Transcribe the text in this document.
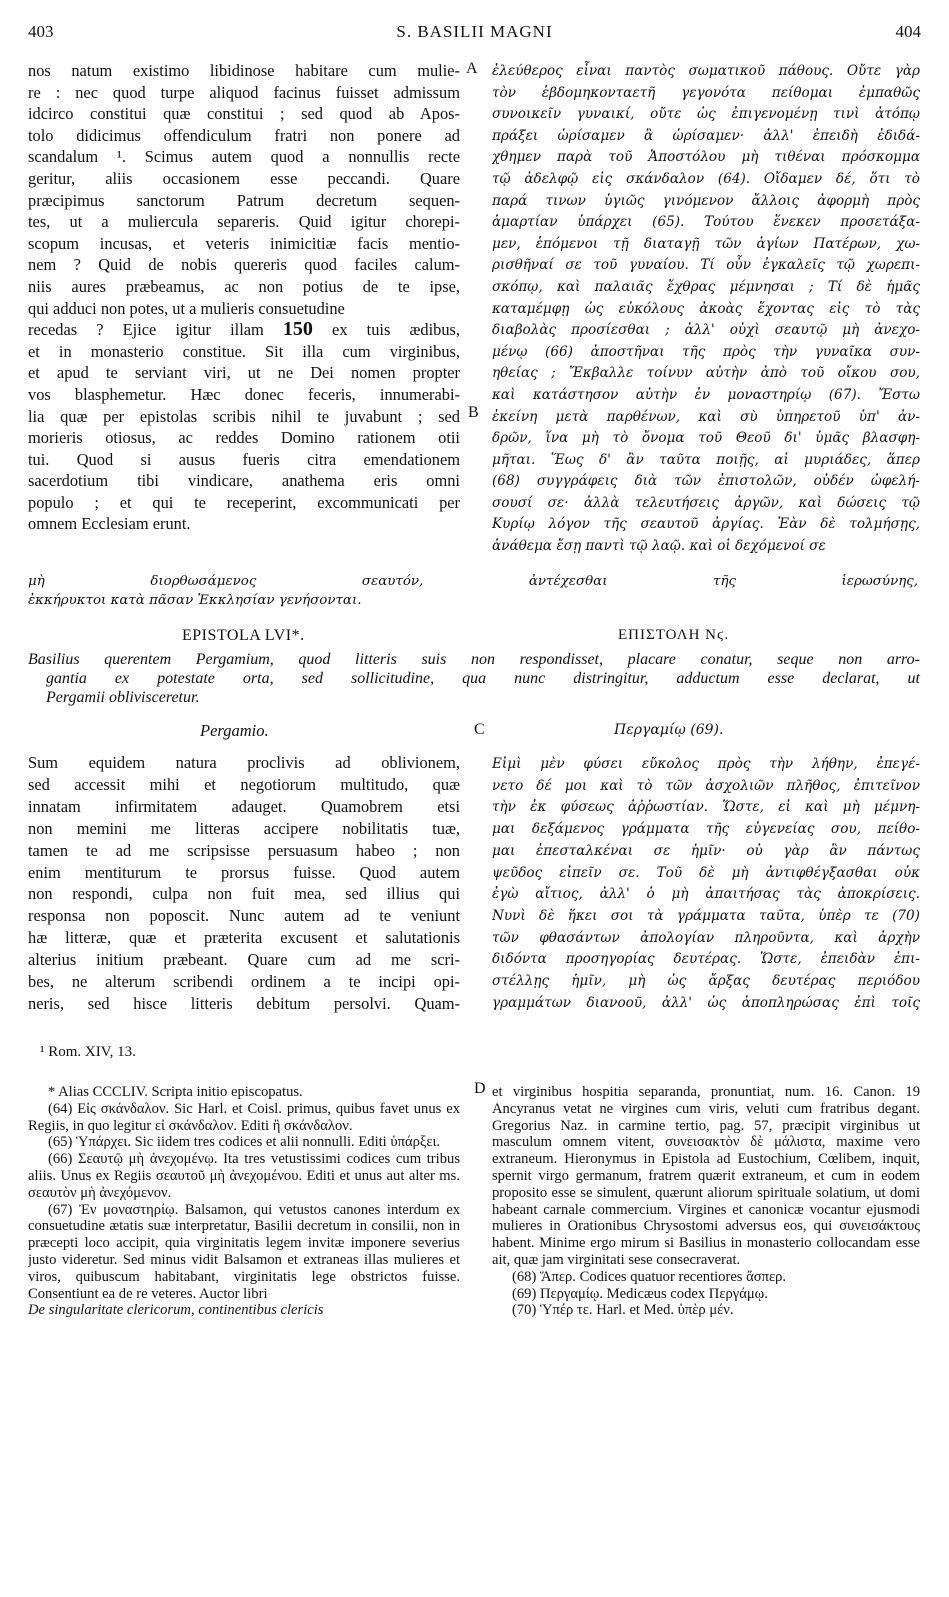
403	S. BASILII MAGNI	404
nos natum existimo libidinose habitare cum mulie-
re : nec quod turpe aliquod facinus fuisset admissum
idcirco constitui quæ constitui ; sed quod ab Apos-
tolo didicimus offendiculum fratri non ponere ad
scandalum ¹. Scimus autem quod a nonnullis recte
geritur, aliis occasionem esse peccandi. Quare
præcipimus sanctorum Patrum decretum sequen-
tes, ut a muliercula separeris. Quid igitur chorepi-
scopum incusas, et veteris inimicitiæ facis mentio-
nem ? Quid de nobis quereris quod faciles calum-
niis aures præbeamus, ac non potius de te ipse,
qui adduci non potes, ut a mulieris consuetudine
recedas ? Ejice igitur illam 150 ex tuis ædibus,
et in monasterio constitue. Sit illa cum virginibus,
et apud te serviant viri, ut ne Dei nomen propter
vos blasphemetur. Hæc donec feceris, innumerabi-
lia quæ per epistolas scribis nihil te juvabunt ; sed
morieris otiosus, ac reddes Domino rationem otii
tui. Quod si ausus fueris citra emendationem
sacerdotium tibi vindicare, anathema eris omni
populo ; et qui te receperint, excommunicati per
omnem Ecclesiam erunt.
ἐλεύθερος εἶναι παντὸς σωματικοῦ πάθους. Οὔτε γὰρ
τὸν ἑβδομηκονταετῆ γεγονότα πείθομαι ἐμπαθῶς
συνοικεῖν γυναικί, οὔτε ὡς ἐπιγενομένῃ τινὶ ἀτόπῳ
πράξει ὡρίσαμεν ἃ ὡρίσαμεν· ἀλλ' ἐπειδὴ ἐδιδά-
χθημεν παρὰ τοῦ Ἀποστόλου μὴ τιθέναι πρόσκομμα
τῷ ἀδελφῷ εἰς σκάνδαλον (64). Οἴδαμεν δέ, ὅτι τὸ
παρά τινων ὑγιῶς γινόμενον ἄλλοις ἀφορμὴ πρὸς
ἁμαρτίαν ὑπάρχει (65). Τούτου ἕνεκεν προσετάξα-
μεν, ἑπόμενοι τῇ διαταγῇ τῶν ἁγίων Πατέρων, χω-
ρισθῆναί σε τοῦ γυναίου. Τί οὖν ἐγκαλεῖς τῷ χωρεπι-
σκόπῳ, καὶ παλαιᾶς ἔχθρας μέμνησαι ; Τί δὲ ἡμᾶς
καταμέμφῃ ὡς εὐκόλους ἀκοὰς ἔχοντας εἰς τὸ τὰς
διαβολὰς προσίεσθαι ; ἀλλ' οὐχὶ σεαυτῷ μὴ ἀνεχο-
μένῳ (66) ἀποστῆναι τῆς πρὸς τὴν γυναῖκα συν-
ηθείας ; Ἔκβαλλε τοίνυν αὐτὴν ἀπὸ τοῦ οἴκου σου,
καὶ κατάστησον αὐτὴν ἐν μοναστηρίῳ (67). Ἔστω
ἐκείνη μετὰ παρθένων, καὶ σὺ ὑπηρετοῦ ὑπ' ἀν-
δρῶν, ἵνα μὴ τὸ ὄνομα τοῦ Θεοῦ δι' ὑμᾶς βλασφη-
μῆται. Ἕως δ' ἂν ταῦτα ποιῇς, αἱ μυριάδες, ἅπερ
(68) συγγράφεις διὰ τῶν ἐπιστολῶν, οὐδέν ὠφελή-
σουσί σε· ἀλλὰ τελευτήσεις ἀργῶν, καὶ δώσεις τῷ
Κυρίῳ λόγον τῆς σεαυτοῦ ἀργίας. Ἐὰν δὲ τολμήσῃς,
ἀνάθεμα ἔσῃ παντὶ τῷ λαῷ. καὶ οἱ δεχόμενοί σε
A
B
μὴ διορθωσάμενος σεαυτόν, ἀντέχεσθαι τῆς ἱερωσύνης,
ἐκκήρυκτοι κατὰ πᾶσαν Ἐκκλησίαν γενήσονται.
EPISTOLA LVI*.	ΕΠΙΣΤΟΛΗ Νϛ.
Basilius querentem Pergamium, quod litteris suis non respondisset, placare conatur, seque non arro-
gantia ex potestate orta, sed sollicitudine, qua nunc distringitur, adductum esse declarat, ut
Pergamii oblivisceretur.
Pergamio.	C	Περγαμίῳ (69).
Sum equidem natura proclivis ad oblivionem,
sed accessit mihi et negotiorum multitudo, quæ
innatam infirmitatem adauget. Quamobrem etsi
non memini me litteras accipere nobilitatis tuæ,
tamen te ad me scripsisse persuasum habeo ; non
enim mentiturum te prorsus fuisse. Quod autem
non respondi, culpa non fuit mea, sed illius qui
responsa non poposcit. Nunc autem ad te veniunt
hæ litteræ, quæ et præterita excusent et salutationis
alterius initium præbeant. Quare cum ad me scri-
bes, ne alterum scribendi ordinem a te incipi opi-
neris, sed hisce litteris debitum persolvi. Quam-
Εἰμὶ μὲν φύσει εὔκολος πρὸς τὴν λήθην, ἐπεγέ-
νετο δέ μοι καὶ τὸ τῶν ἀσχολιῶν πλῆθος, ἐπιτεῖνον
τὴν ἐκ φύσεως ἀῤῥωστίαν. Ὥστε, εἰ καὶ μὴ μέμνη-
μαι δεξάμενος γράμματα τῆς εὐγενείας σου, πείθο-
μαι ἐπεσταλκέναι σε ἡμῖν· οὐ γὰρ ἂν πάντως
ψεῦδος εἰπεῖν σε. Τοῦ δὲ μὴ ἀντιφθέγξασθαι οὐκ
ἐγὼ αἴτιος, ἀλλ' ὁ μὴ ἀπαιτήσας τὰς ἀποκρίσεις.
Νυνὶ δὲ ἥκει σοι τὰ γράμματα ταῦτα, ὑπὲρ τε (70)
τῶν φθασάντων ἀπολογίαν πληροῦντα, καὶ ἀρχὴν
διδόντα προσηγορίας δευτέρας. Ὥστε, ἐπειδὰν ἐπι-
στέλλῃς ἡμῖν, μὴ ὡς ἄρξας δευτέρας περιόδου
γραμμάτων διανοοῦ, ἀλλ' ὡς ἀποπληρώσας ἐπὶ τοῖς
¹ Rom. XIV, 13.

* Alias CCCLIV. Scripta initio episcopatus.

(64) Εἰς σκάνδαλον. Sic Harl. et Coisl. primus, quibus favet unus ex Regiis, in quo legitur εἰ σκάνδαλον. Editi ἢ σκάνδαλον.

(65) Ὑπάρχει. Sic iidem tres codices et alii nonnulli. Editi ὑπάρξει.

(66) Σεαυτῷ μὴ ἀνεχομένῳ. Ita tres vetustissimi codices cum tribus aliis. Unus ex Regiis σεαυτοῦ μὴ ἀνεχομένου. Editi et unus aut alter ms. σεαυτὸν μὴ ἀνεχόμενον.

(67) Ἐν μοναστηρίῳ. Balsamon, qui vetustos canones interdum ex consuetudine ætatis suæ interpretatur, Basilii decretum in consilii, non in præcepti loco accipit, quia virginitatis legem invitæ imponere severius justo videretur. Sed minus vidit Balsamon et extraneas illas mulieres et viros, quibuscum habitabant, virginitatis lege obstrictos fuisse. Consentiunt ea de re veteres. Auctor libri

De singularitate clericorum, continentibus clericis

D et virginibus hospitia separanda, pronuntiat, num. 16. Canon. 19 Ancyranus vetat ne virgines cum viris, veluti cum fratribus degant. Gregorius Naz. in carmine tertio, pag. 57, præcipit virginibus ut masculum omnem vitent, συνεισακτὸν δὲ μάλιστα, maxime vero extraneum. Hieronymus in Epistola ad Eustochium, Cœlibem, inquit, spernit virgo germanum, fratrem quærit extraneum, et cum in eodem proposito esse se simulent, quærunt aliorum spirituale solatium, ut domi habeant carnale commercium. Virgines et canonicæ vocantur ejusmodi mulieres in Orationibus Chrysostomi adversus eos, qui συνεισάκτους habent. Minime ergo mirum si Basilius in monasterio collocandam esse ait, quæ jam virginitati sese consecraverat.

(68) Ἅπερ. Codices quatuor recentiores ἅσπερ.

(69) Περγαμίῳ. Medicæus codex Περγάμῳ.

(70) Ὑπέρ τε. Harl. et Med. ὑπὲρ μέν.
